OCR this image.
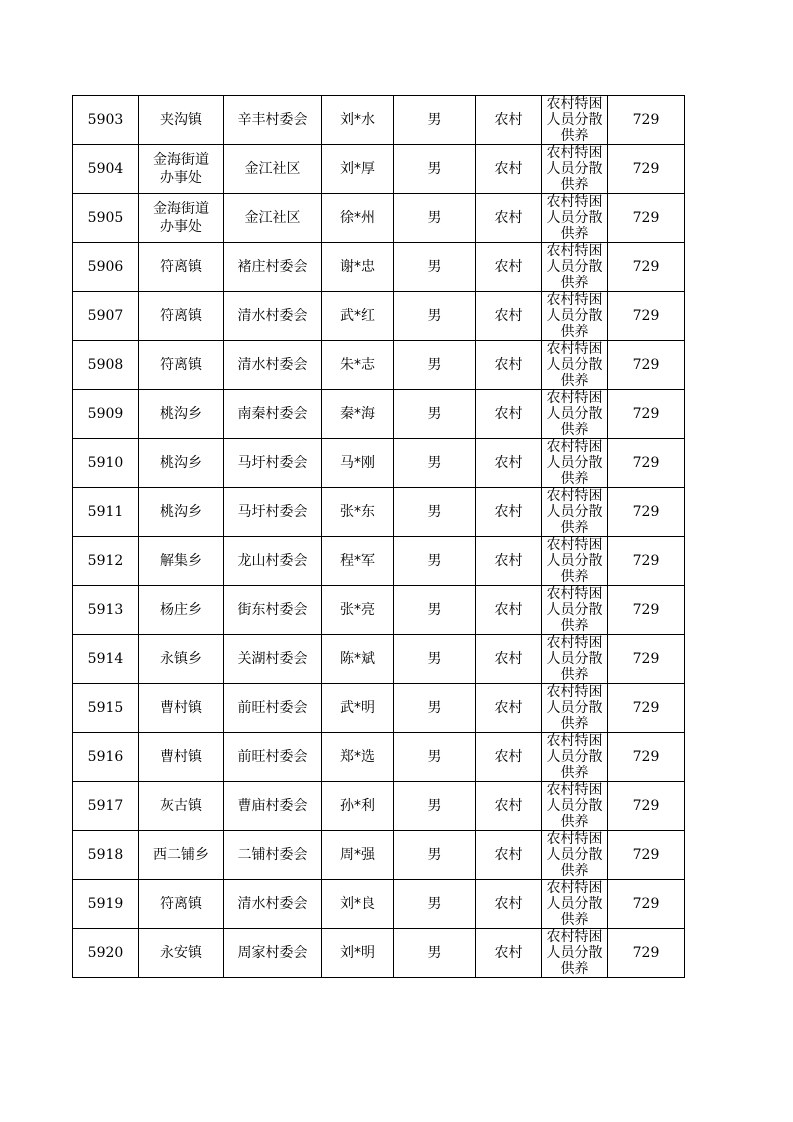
5903	夹沟镇	辛丰村委会	刘*水	男	农村	农村特困人员分散供养	729
5904	金海街道办事处	金江社区	刘*厚	男	农村	农村特困人员分散供养	729
5905	金海街道办事处	金江社区	徐*州	男	农村	农村特困人员分散供养	729
5906	符离镇	褚庄村委会	谢*忠	男	农村	农村特困人员分散供养	729
5907	符离镇	清水村委会	武*红	男	农村	农村特困人员分散供养	729
5908	符离镇	清水村委会	朱*志	男	农村	农村特困人员分散供养	729
5909	桃沟乡	南秦村委会	秦*海	男	农村	农村特困人员分散供养	729
5910	桃沟乡	马圩村委会	马*刚	男	农村	农村特困人员分散供养	729
5911	桃沟乡	马圩村委会	张*东	男	农村	农村特困人员分散供养	729
5912	解集乡	龙山村委会	程*军	男	农村	农村特困人员分散供养	729
5913	杨庄乡	街东村委会	张*亮	男	农村	农村特困人员分散供养	729
5914	永镇乡	关湖村委会	陈*斌	男	农村	农村特困人员分散供养	729
5915	曹村镇	前旺村委会	武*明	男	农村	农村特困人员分散供养	729
5916	曹村镇	前旺村委会	郑*选	男	农村	农村特困人员分散供养	729
5917	灰古镇	曹庙村委会	孙*利	男	农村	农村特困人员分散供养	729
5918	西二铺乡	二铺村委会	周*强	男	农村	农村特困人员分散供养	729
5919	符离镇	清水村委会	刘*良	男	农村	农村特困人员分散供养	729
5920	永安镇	周家村委会	刘*明	男	农村	农村特困人员分散供养	729
